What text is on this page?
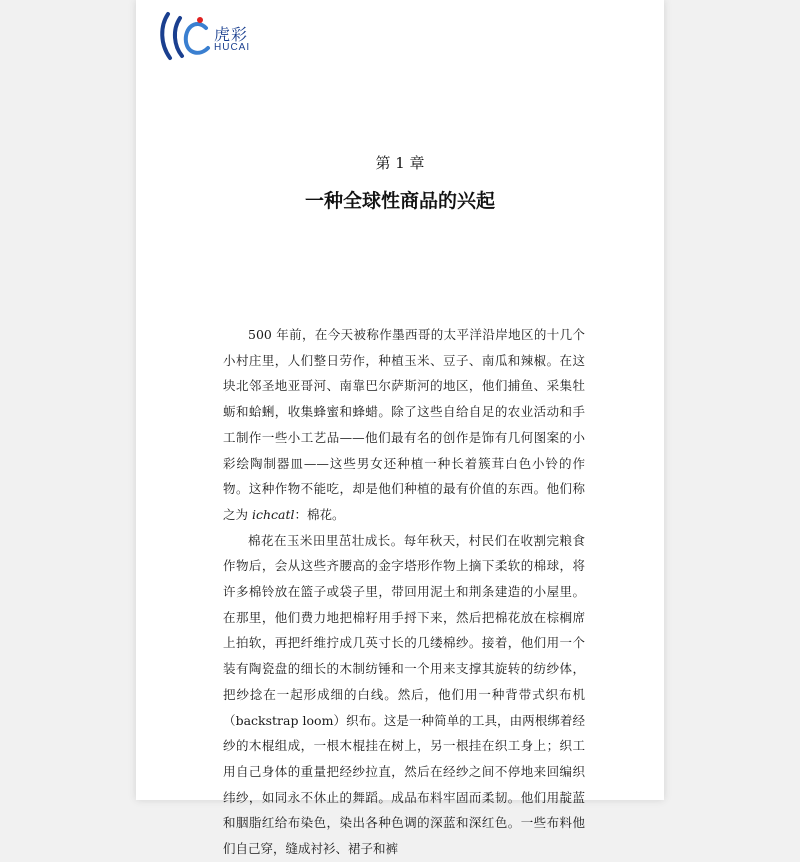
虎彩
HUCAI
第 1 章
一种全球性商品的兴起

500 年前，在今天被称作墨西哥的太平洋沿岸地区的十几个小村庄里，人们整日劳作，种植玉米、豆子、南瓜和辣椒。在这块北邻圣地亚哥河、南靠巴尔萨斯河的地区，他们捕鱼、采集牡蛎和蛤蜊，收集蜂蜜和蜂蜡。除了这些自给自足的农业活动和手工制作一些小工艺品——他们最有名的创作是饰有几何图案的小彩绘陶制器皿——这些男女还种植一种长着簇茸白色小铃的作物。这种作物不能吃，却是他们种植的最有价值的东西。他们称之为 ichcatl：棉花。

棉花在玉米田里茁壮成长。每年秋天，村民们在收割完粮食作物后，会从这些齐腰高的金字塔形作物上摘下柔软的棉球，将许多棉铃放在篮子或袋子里，带回用泥土和荆条建造的小屋里。在那里，他们费力地把棉籽用手捋下来，然后把棉花放在棕榈席上拍软，再把纤维拧成几英寸长的几缕棉纱。接着，他们用一个装有陶瓷盘的细长的木制纺锤和一个用来支撑其旋转的纺纱体，把纱捻在一起形成细的白线。然后，他们用一种背带式织布机（backstrap loom）织布。这是一种简单的工具，由两根绑着经纱的木棍组成，一根木棍挂在树上，另一根挂在织工身上；织工用自己身体的重量把经纱拉直，然后在经纱之间不停地来回编织纬纱，如同永不休止的舞蹈。成品布料牢固而柔韧。他们用靛蓝和胭脂红给布染色，染出各种色调的深蓝和深红色。一些布料他们自己穿，缝成衬衫、裙子和裤
